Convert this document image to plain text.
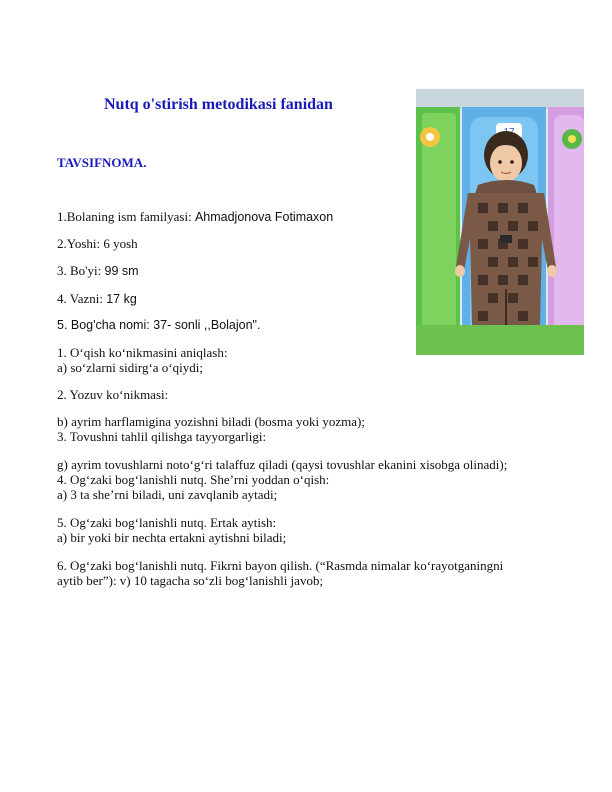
Nutq o'stirish metodikasi fanidan
TAVSIFNOMA.
1.Bolaning ism familyasi: Ahmadjonova Fotimaxon
2.Yoshi: 6 yosh
3. Bo'yi: 99 sm
4. Vazni: 17 kg
5. Bog'cha nomi: 37- sonli ,,Bolajon".
1. O‘qish ko‘nikmasini aniqlash:
a) so‘zlarni sidirg‘a o‘qiydi;
2. Yozuv ko‘nikmasi:
b) ayrim harflamigina yozishni biladi (bosma yoki yozma);
3. Tovushni tahlil qilishga tayyorgarligi:
g) ayrim tovushlarni noto‘g‘ri talaffuz qiladi (qaysi tovushlar ekanini xisobga olinadi);
4. Og‘zaki bog‘lanishli nutq. She’rni yoddan o‘qish:
a) 3 ta she’rni biladi, uni zavqlanib aytadi;
5. Og‘zaki bog‘lanishli nutq. Ertak aytish:
a) bir yoki bir nechta ertakni aytishni biladi;
6. Og‘zaki bog‘lanishli nutq. Fikrni bayon qilish. (“Rasmda nimalar ko‘rayotganingni
aytib ber”): v) 10 tagacha so‘zli bog‘lanishli javob;
